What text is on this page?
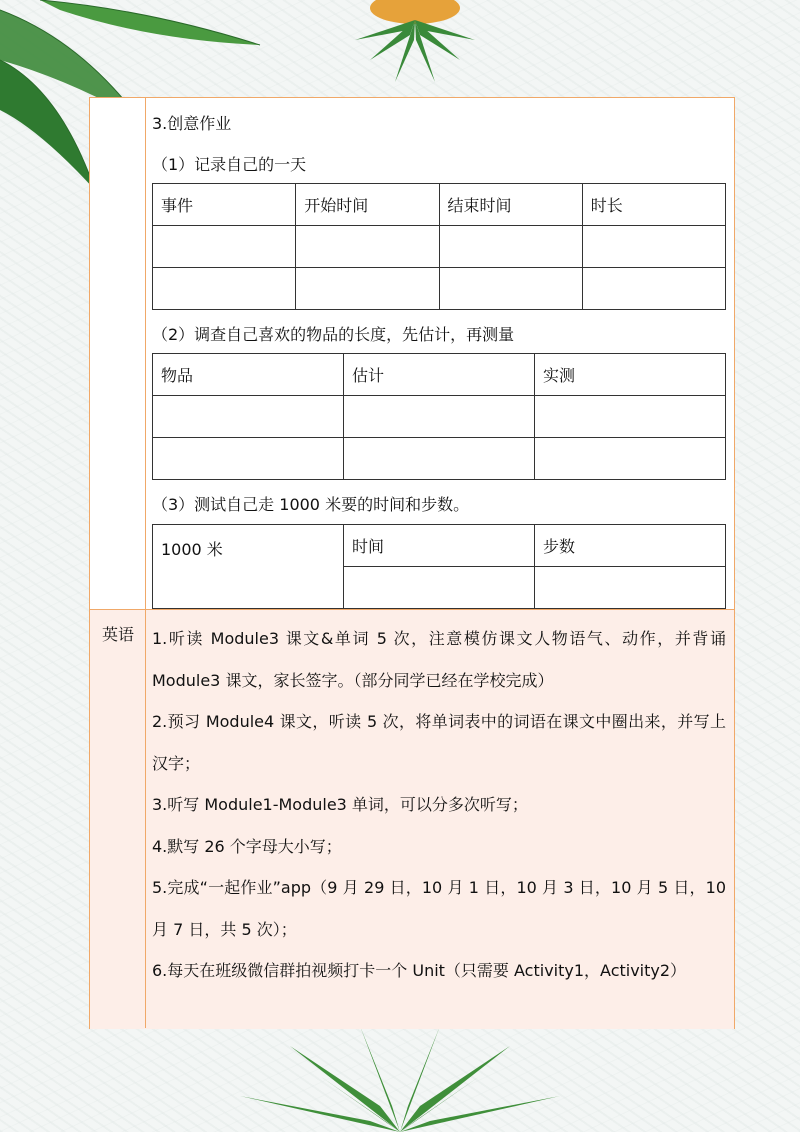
3.创意作业
（1）记录自己的一天
事件	开始时间	结束时间	时长

（2）调查自己喜欢的物品的长度，先估计，再测量
物品	估计	实测

（3）测试自己走 1000 米要的时间和步数。
1000 米	时间	步数

英语	1.听读 Module3 课文&单词 5 次，注意模仿课文人物语气、动作，并背诵 Module3 课文，家长签字。（部分同学已经在学校完成）
2.预习 Module4 课文，听读 5 次，将单词表中的词语在课文中圈出来，并写上汉字；
3.听写 Module1-Module3 单词，可以分多次听写；
4.默写 26 个字母大小写；
5.完成“一起作业”app（9 月 29 日，10 月 1 日，10 月 3 日，10 月 5 日，10 月 7 日，共 5 次）；
6.每天在班级微信群拍视频打卡一个 Unit（只需要 Activity1，Activity2）
